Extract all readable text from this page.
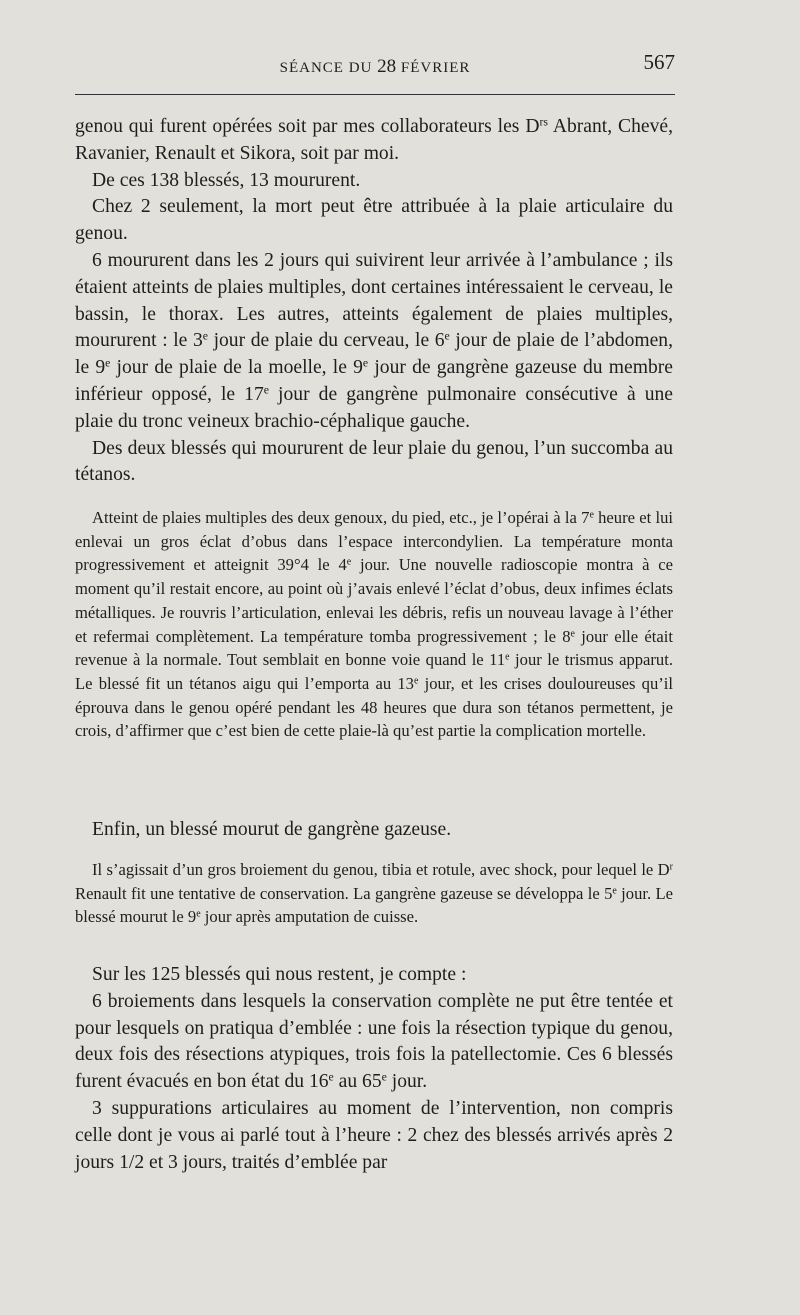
SÉANCE DU 28 FÉVRIER	567

genou qui furent opérées soit par mes collaborateurs les $D^{rs}$ Abrant, Chevé, Ravanier, Renault et Sikora, soit par moi.

De ces 138 blessés, 13 moururent.

Chez 2 seulement, la mort peut être attribuée à la plaie articulaire du genou.

6 moururent dans les 2 jours qui suivirent leur arrivée à l’ambulance ; ils étaient atteints de plaies multiples, dont certaines intéressaient le cerveau, le bassin, le thorax. Les autres, atteints également de plaies multiples, moururent : le 3e jour de plaie du cerveau, le 6e jour de plaie de l’abdomen, le 9e jour de plaie de la moelle, le 9e jour de gangrène gazeuse du membre inférieur opposé, le 17e jour de gangrène pulmonaire consécutive à une plaie du tronc veineux brachio-céphalique gauche.

Des deux blessés qui moururent de leur plaie du genou, l’un succomba au tétanos.

Atteint de plaies multiples des deux genoux, du pied, etc., je l’opérai à la 7e heure et lui enlevai un gros éclat d’obus dans l’espace intercondylien. La température monta progressivement et atteignit 39°4 le 4e jour. Une nouvelle radioscopie montra à ce moment qu’il restait encore, au point où j’avais enlevé l’éclat d’obus, deux infimes éclats métalliques. Je rouvris l’articulation, enlevai les débris, refis un nouveau lavage à l’éther et refermai complètement. La température tomba progressivement ; le 8e jour elle était revenue à la normale. Tout semblait en bonne voie quand le 11e jour le trismus apparut. Le blessé fit un tétanos aigu qui l’emporta au 13e jour, et les crises douloureuses qu’il éprouva dans le genou opéré pendant les 48 heures que dura son tétanos permettent, je crois, d’affirmer que c’est bien de cette plaie-là qu’est partie la complication mortelle.

Enfin, un blessé mourut de gangrène gazeuse.

Il s’agissait d’un gros broiement du genou, tibia et rotule, avec shock, pour lequel le $D^r$ Renault fit une tentative de conservation. La gangrène gazeuse se développa le 5e jour. Le blessé mourut le 9e jour après amputation de cuisse.

Sur les 125 blessés qui nous restent, je compte :

6 broiements dans lesquels la conservation complète ne put être tentée et pour lesquels on pratiqua d’emblée : une fois la résection typique du genou, deux fois des résections atypiques, trois fois la patellectomie. Ces 6 blessés furent évacués en bon état du 16e au 65e jour.

3 suppurations articulaires au moment de l’intervention, non compris celle dont je vous ai parlé tout à l’heure : 2 chez des blessés arrivés après 2 jours 1/2 et 3 jours, traités d’emblée par
